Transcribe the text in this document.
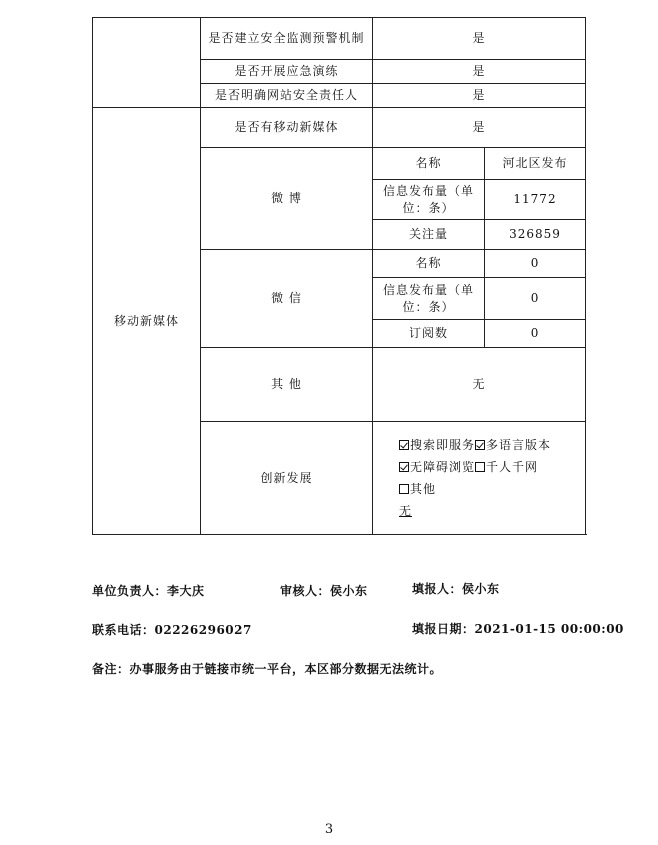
	是否建立安全监测预警机制	是	
	是否开展应急演练	是	
	是否明确网站安全责任人	是	
移动新媒体	是否有移动新媒体	是	
	微 博	名称	河北区发布
		信息发布量（单位：条）	11772
		关注量	326859
	微 信	名称	0
		信息发布量（单位：条）	0
		订阅数	0
	其 他	无	
	创新发展	搜索即服务 多语言版本无障碍浏览 千人千网其他
无	
单位负责人：李大庆	审核人：侯小东	填报人：侯小东
联系电话：02226296027	填报日期：2021-01-15 00:00:00
备注：办事服务由于链接市统一平台，本区部分数据无法统计。
3
